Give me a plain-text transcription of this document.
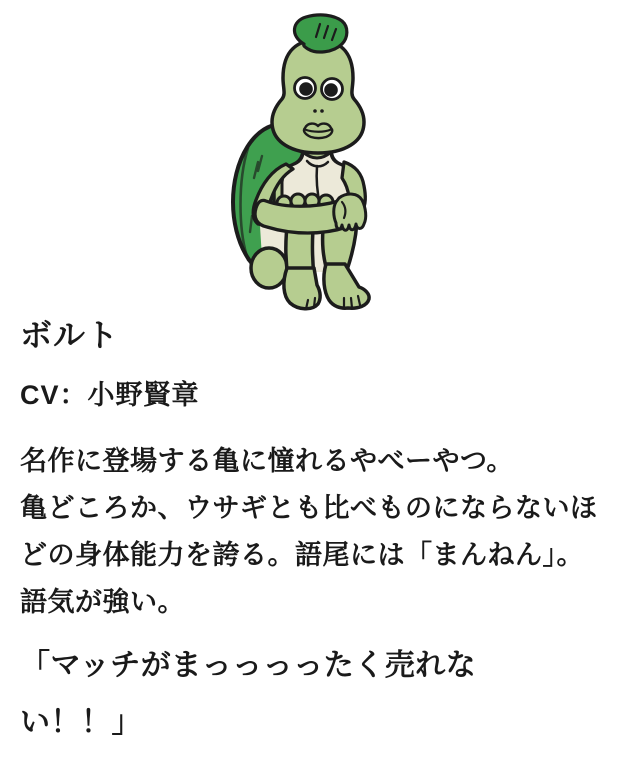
ボルト
CV：小野賢章
名作に登場する亀に憧れるやべーやつ。
亀どころか、ウサギとも比べものにならないほ
どの身体能力を誇る。語尾には「まんねん」。
語気が強い。
「マッチがまっっっったく売れな
い！！」
